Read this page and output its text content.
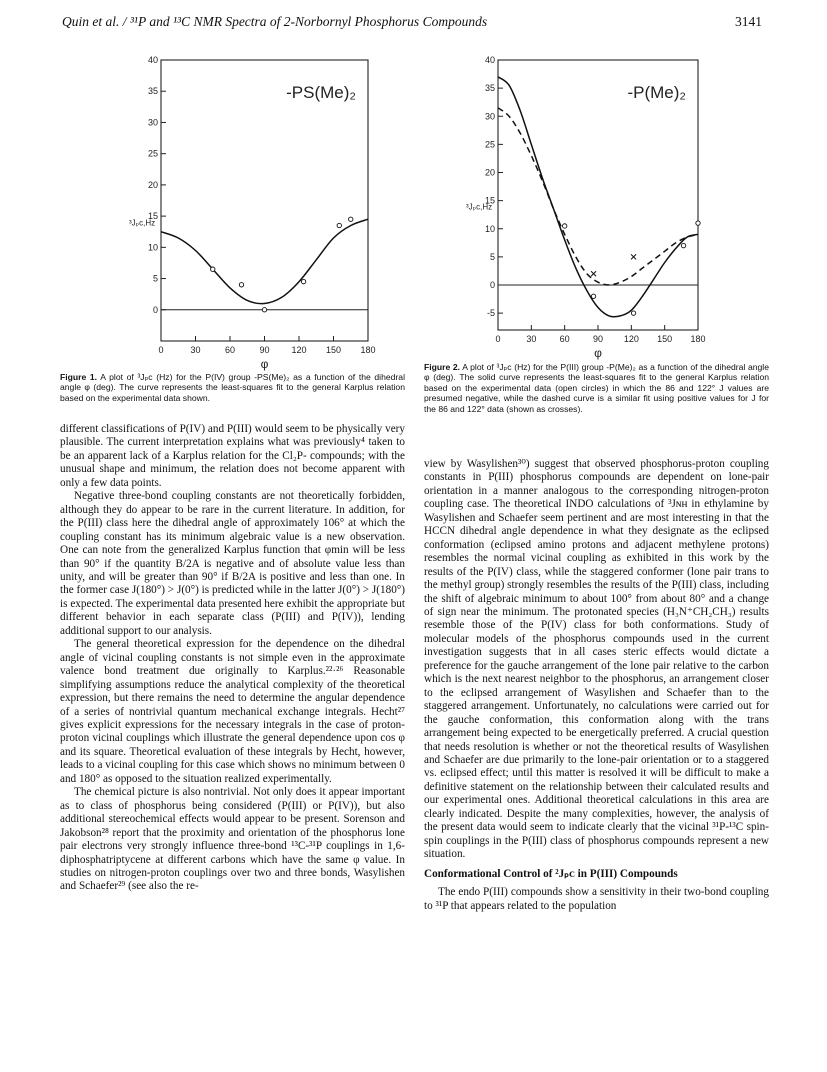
Quin et al. / ³¹P and ¹³C NMR Spectra of 2-Norbornyl Phosphorus Compounds	3141
0
5
10
15
20
25
30
35
40
0	30	60	90 120 150 180
³Jₚᴄ,Hz
φ
-PS(Me)₂
-5
0
5
10
15
20
25
30
35
40
0	30	60	90 120 150 180
³Jₚᴄ,Hz
φ
-P(Me)₂
Figure 1. A plot of ³Jₚᴄ (Hz) for the P(IV) group -PS(Me)₂ as a function of the dihedral angle φ (deg). The curve represents the least-squares fit to the general Karplus relation based on the experimental data shown.
Figure 2. A plot of ³Jₚᴄ (Hz) for the P(III) group -P(Me)₂ as a function of the dihedral angle φ (deg). The solid curve represents the least-squares fit to the general Karplus relation based on the experimental data (open circles) in which the 86 and 122° J values are presumed negative, while the dashed curve is a similar fit using positive values for J for the 86 and 122° data (shown as crosses).

different classifications of P(IV) and P(III) would seem to be physically very plausible. The current interpretation explains what was previously⁴ taken to be an apparent lack of a Karplus relation for the Cl₂P- compounds; with the unusual shape and minimum, the relation does not become apparent with only a few data points.

Negative three-bond coupling constants are not theoretically forbidden, although they do appear to be rare in the current literature. In addition, for the P(III) class here the dihedral angle of approximately 106° at which the coupling constant has its minimum algebraic value is a new observation. One can note from the generalized Karplus function that φmin will be less than 90° if the quantity B/2A is negative and of absolute value less than unity, and will be greater than 90° if B/2A is positive and less than one. In the former case J(180°) > J(0°) is predicted while in the latter J(0°) > J(180°) is expected. The experimental data presented here exhibit the appropriate but different behavior in each separate class (P(III) and P(IV)), lending additional support to our analysis.

The general theoretical expression for the dependence on the dihedral angle of vicinal coupling constants is not simple even in the approximate valence bond treatment due originally to Karplus.²²·²⁶ Reasonable simplifying assumptions reduce the analytical complexity of the theoretical expression, but there remains the need to determine the angular dependence of a series of nontrivial quantum mechanical exchange integrals. Hecht²⁷ gives explicit expressions for the necessary integrals in the case of proton-proton vicinal couplings which illustrate the general dependence upon cos φ and its square. Theoretical evaluation of these integrals by Hecht, however, leads to a vicinal coupling for this case which shows no minimum between 0 and 180° as opposed to the situation realized experimentally.

The chemical picture is also nontrivial. Not only does it appear important as to class of phosphorus being considered (P(III) or P(IV)), but also additional stereochemical effects would appear to be present. Sorenson and Jakobson²⁸ report that the proximity and orientation of the phosphorus lone pair electrons very strongly influence three-bond ¹³C-³¹P couplings in 1,6-diphosphatriptycene at different carbons which have the same φ value. In studies on nitrogen-proton couplings over two and three bonds, Wasylishen and Schaefer²⁹ (see also the re-

view by Wasylishen³⁰) suggest that observed phosphorus-proton coupling constants in P(III) phosphorus compounds are dependent on lone-pair orientation in a manner analogous to the corresponding nitrogen-proton coupling case. The theoretical INDO calculations of ³Jɴʜ in ethylamine by Wasylishen and Schaefer seem pertinent and are most interesting in that the HCCN dihedral angle dependence in what they designate as the eclipsed conformation (eclipsed amino protons and adjacent methylene protons) resembles the normal vicinal coupling as exhibited in this work by the results of the P(IV) class, while the staggered conformer (lone pair trans to the methyl group) strongly resembles the results of the P(III) class, including the shift of algebraic minimum to about 100° from about 80° and a change of sign near the minimum. The protonated species (H₃N⁺CH₂CH₃) results resemble those of the P(IV) class for both conformations. Study of molecular models of the phosphorus compounds used in the current investigation suggests that in all cases steric effects would dictate a preference for the gauche arrangement of the lone pair relative to the carbon which is the next nearest neighbor to the phosphorus, an arrangement closer to the eclipsed arrangement of Wasylishen and Schaefer than to the staggered arrangement. Unfortunately, no calculations were carried out for the gauche conformation, this conformation along with the trans arrangement being expected to be energetically preferred. A crucial question that needs resolution is whether or not the theoretical results of Wasylishen and Schaefer are due primarily to the lone-pair orientation or to a staggered vs. eclipsed effect; until this matter is resolved it will be difficult to make a definitive statement on the relationship between their calculated results and our experimental ones. Additional theoretical calculations in this area are clearly indicated. Despite the many complexities, however, the analysis of the present data would seem to indicate clearly that the vicinal ³¹P-¹³C spin-spin couplings in the P(III) class of phosphorus compounds represent a new situation.

Conformational Control of ²Jₚᴄ in P(III) Compounds

The endo P(III) compounds show a sensitivity in their two-bond coupling to ³¹P that appears related to the population
